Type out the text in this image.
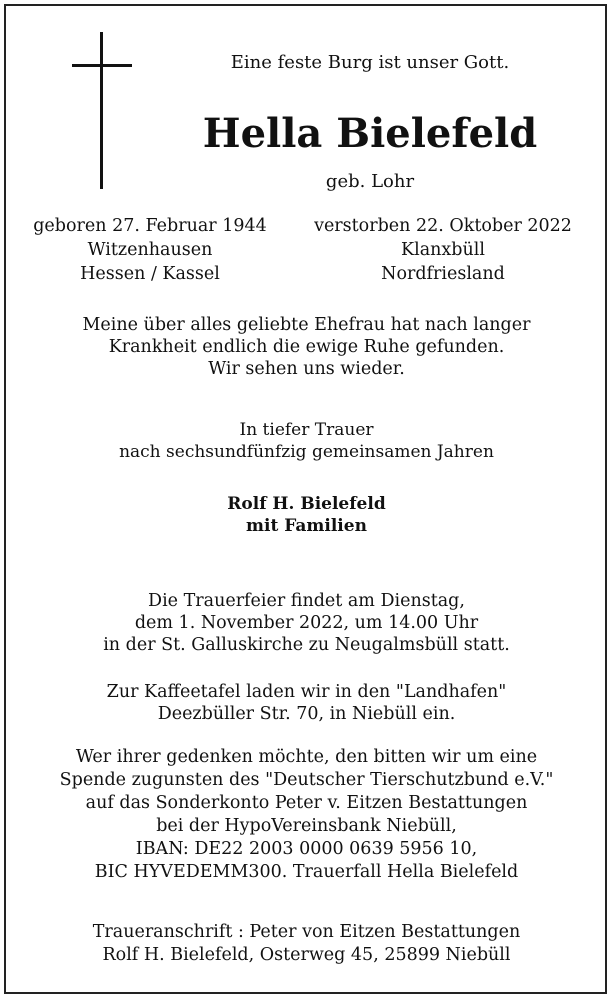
Eine feste Burg ist unser Gott.
Hella Bielefeld
geb. Lohr
geboren 27. Februar 1944
Witzenhausen
Hessen / Kassel
verstorben 22. Oktober 2022
Klanxbüll
Nordfriesland
Meine über alles geliebte Ehefrau hat nach langer
Krankheit endlich die ewige Ruhe gefunden.
Wir sehen uns wieder.
In tiefer Trauer
nach sechsundfünfzig gemeinsamen Jahren
Rolf H. Bielefeld
mit Familien
Die Trauerfeier findet am Dienstag,
dem 1. November 2022, um 14.00 Uhr
in der St. Galluskirche zu Neugalmsbüll statt.
Zur Kaffeetafel laden wir in den "Landhafen"
Deezbüller Str. 70, in Niebüll ein.
Wer ihrer gedenken möchte, den bitten wir um eine
Spende zugunsten des "Deutscher Tierschutzbund e.V."
auf das Sonderkonto Peter v. Eitzen Bestattungen
bei der HypoVereinsbank Niebüll,
IBAN: DE22 2003 0000 0639 5956 10,
BIC HYVEDEMM300. Trauerfall Hella Bielefeld
Traueranschrift : Peter von Eitzen Bestattungen
Rolf H. Bielefeld, Osterweg 45, 25899 Niebüll
